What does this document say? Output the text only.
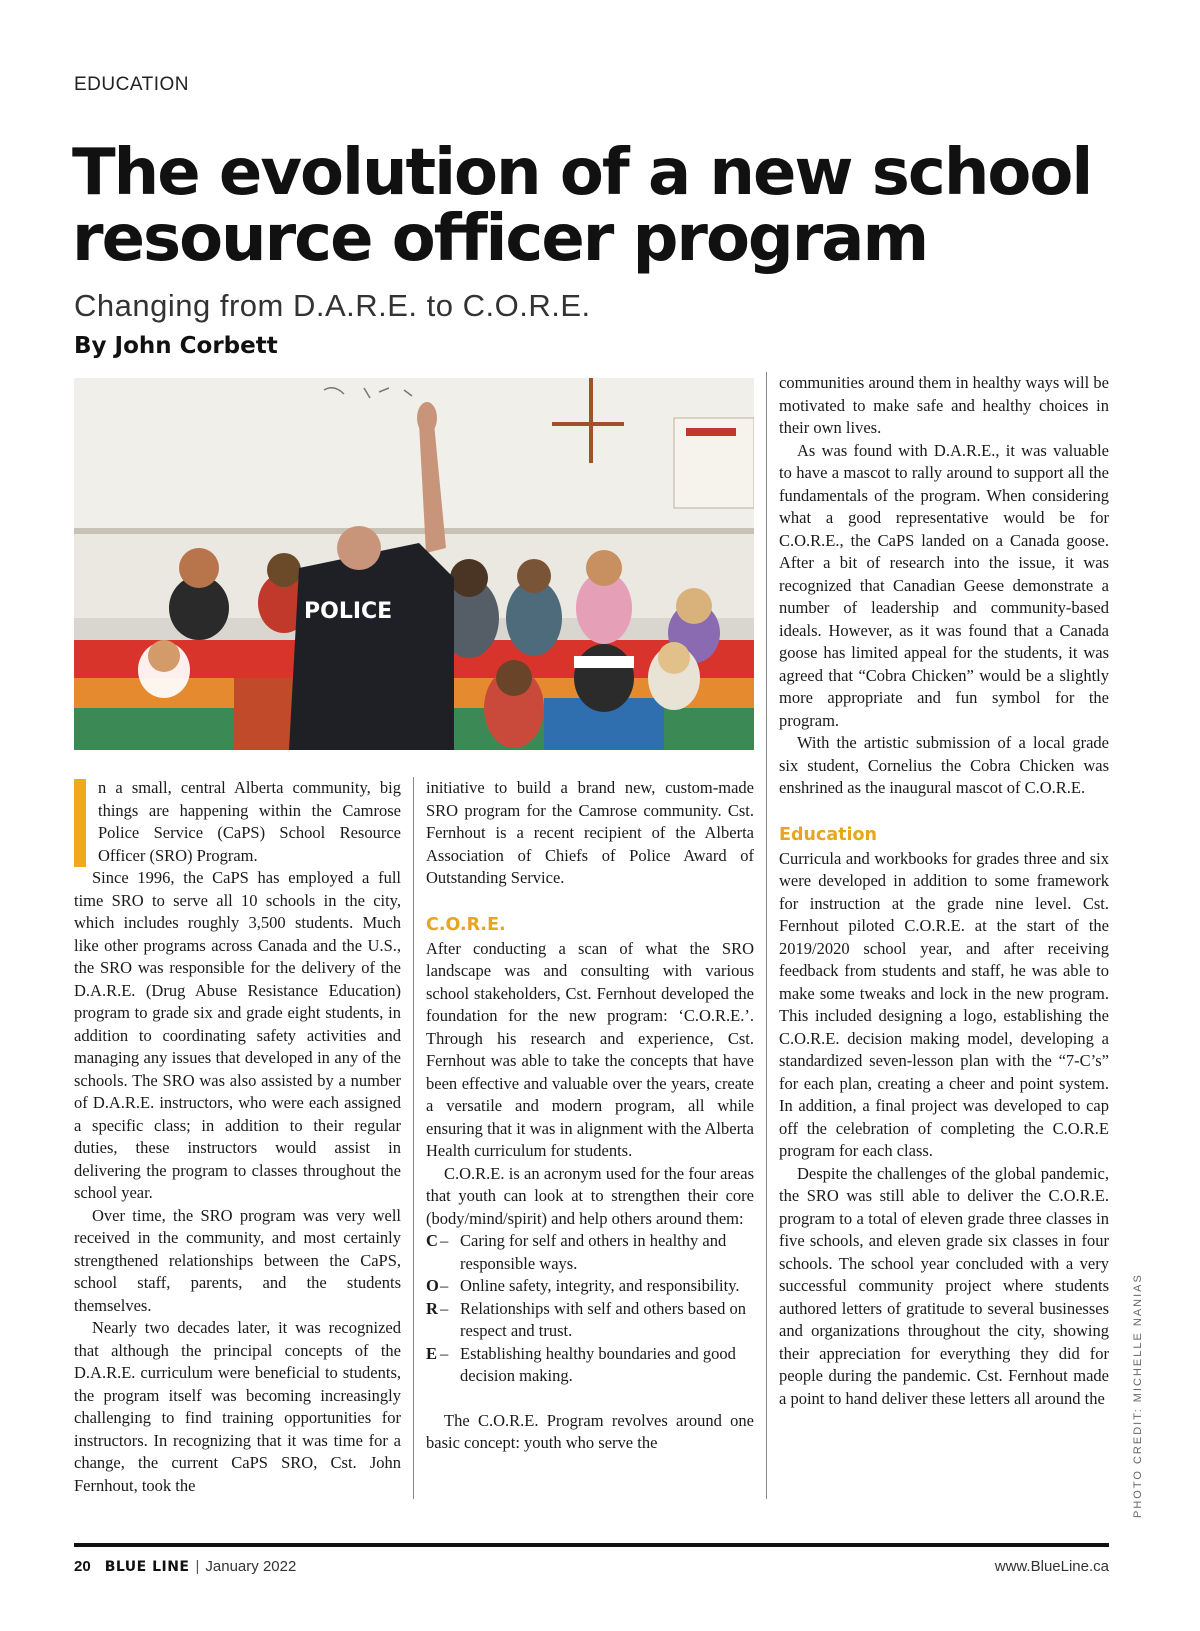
EDUCATION
The evolution of a new school resource officer program
Changing from D.A.R.E. to C.O.R.E.
By John Corbett
POLICE

n a small, central Alberta community, big things are happening within the Camrose Police Service (CaPS) School Resource Officer (SRO) Program.

Since 1996, the CaPS has employed a full time SRO to serve all 10 schools in the city, which includes roughly 3,500 students. Much like other programs across Canada and the U.S., the SRO was responsible for the delivery of the D.A.R.E. (Drug Abuse Resistance Education) program to grade six and grade eight students, in addition to coordinating safety activities and managing any issues that developed in any of the schools. The SRO was also assisted by a number of D.A.R.E. instructors, who were each assigned a specific class; in addition to their regular duties, these instructors would assist in delivering the program to classes throughout the school year.

Over time, the SRO program was very well received in the community, and most certainly strengthened relationships between the CaPS, school staff, parents, and the students themselves.

Nearly two decades later, it was recognized that although the principal concepts of the D.A.R.E. curriculum were beneficial to students, the program itself was becoming increasingly challenging to find training opportunities for instructors. In recognizing that it was time for a change, the current CaPS SRO, Cst. John Fernhout, took the

initiative to build a brand new, custom-made SRO program for the Camrose community. Cst. Fernhout is a recent recipient of the Alberta Association of Chiefs of Police Award of Outstanding Service.

C.O.R.E.

After conducting a scan of what the SRO landscape was and consulting with various school stakeholders, Cst. Fernhout developed the foundation for the new program: ‘C.O.R.E.’. Through his research and experience, Cst. Fernhout was able to take the concepts that have been effective and valuable over the years, create a versatile and modern program, all while ensuring that it was in alignment with the Alberta Health curriculum for students.

C.O.R.E. is an acronym used for the four areas that youth can look at to strengthen their core (body/mind/spirit) and help others around them:

C – Caring for self and others in healthy and responsible ways.
O – Online safety, integrity, and responsibility.
R – Relationships with self and others based on respect and trust.
E – Establishing healthy boundaries and good decision making.

The C.O.R.E. Program revolves around one basic concept: youth who serve the

communities around them in healthy ways will be motivated to make safe and healthy choices in their own lives.

As was found with D.A.R.E., it was valuable to have a mascot to rally around to support all the fundamentals of the program. When considering what a good representative would be for C.O.R.E., the CaPS landed on a Canada goose. After a bit of research into the issue, it was recognized that Canadian Geese demonstrate a number of leadership and community-based ideals. However, as it was found that a Canada goose has limited appeal for the students, it was agreed that “Cobra Chicken” would be a slightly more appropriate and fun symbol for the program.

With the artistic submission of a local grade six student, Cornelius the Cobra Chicken was enshrined as the inaugural mascot of C.O.R.E.

Education

Curricula and workbooks for grades three and six were developed in addition to some framework for instruction at the grade nine level. Cst. Fernhout piloted C.O.R.E. at the start of the 2019/2020 school year, and after receiving feedback from students and staff, he was able to make some tweaks and lock in the new program. This included designing a logo, establishing the C.O.R.E. decision making model, developing a standardized seven-lesson plan with the “7-C’s” for each plan, creating a cheer and point system. In addition, a final project was developed to cap off the celebration of completing the C.O.R.E program for each class.

Despite the challenges of the global pandemic, the SRO was still able to deliver the C.O.R.E. program to a total of eleven grade three classes in five schools, and eleven grade six classes in four schools. The school year concluded with a very successful community project where students authored letters of gratitude to several businesses and organizations throughout the city, showing their appreciation for everything they did for people during the pandemic. Cst. Fernhout made a point to hand deliver these letters all around the	PHOTO CREDIT: MICHELLE NANIAS
20 BLUE LINE | January 2022	www.BlueLine.ca
